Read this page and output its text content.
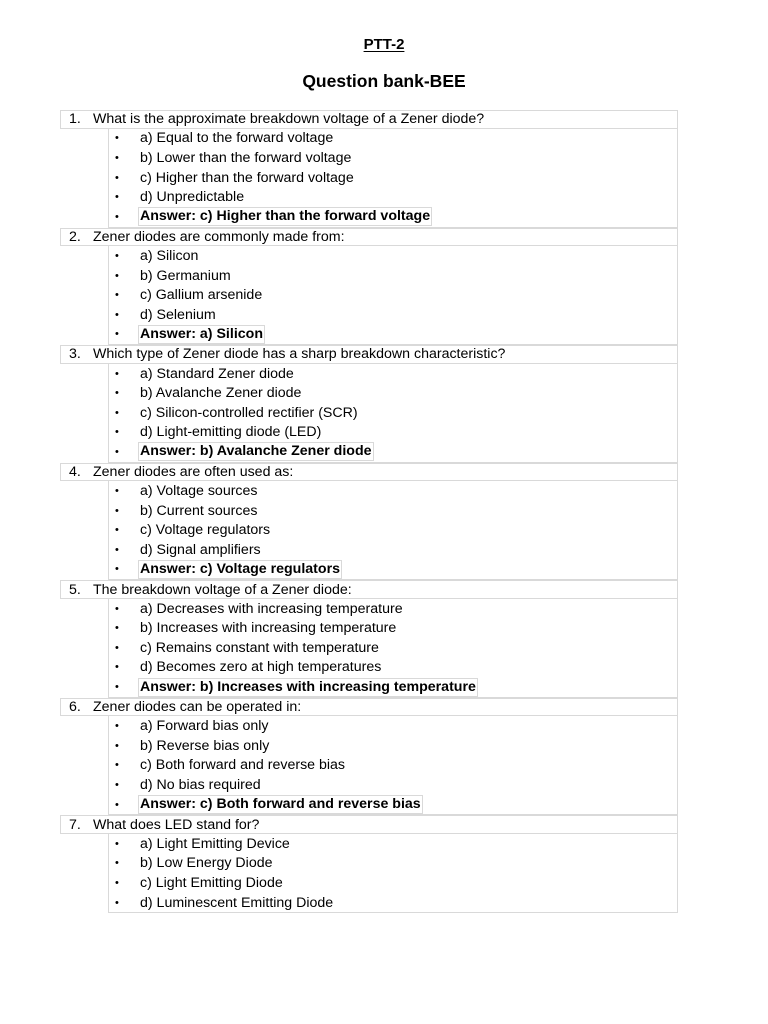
PTT-2
Question bank-BEE
1. What is the approximate breakdown voltage of a Zener diode?
•	a) Equal to the forward voltage
•	b) Lower than the forward voltage
•	c) Higher than the forward voltage
•	d) Unpredictable
•	Answer: c) Higher than the forward voltage
2. Zener diodes are commonly made from:
•	a) Silicon
•	b) Germanium
•	c) Gallium arsenide
•	d) Selenium
•	Answer: a) Silicon
3. Which type of Zener diode has a sharp breakdown characteristic?
•	a) Standard Zener diode
•	b) Avalanche Zener diode
•	c) Silicon-controlled rectifier (SCR)
•	d) Light-emitting diode (LED)
•	Answer: b) Avalanche Zener diode
4. Zener diodes are often used as:
•	a) Voltage sources
•	b) Current sources
•	c) Voltage regulators
•	d) Signal amplifiers
•	Answer: c) Voltage regulators
5. The breakdown voltage of a Zener diode:
•	a) Decreases with increasing temperature
•	b) Increases with increasing temperature
•	c) Remains constant with temperature
•	d) Becomes zero at high temperatures
•	Answer: b) Increases with increasing temperature
6. Zener diodes can be operated in:
•	a) Forward bias only
•	b) Reverse bias only
•	c) Both forward and reverse bias
•	d) No bias required
•	Answer: c) Both forward and reverse bias
7. What does LED stand for?
•	a) Light Emitting Device
•	b) Low Energy Diode
•	c) Light Emitting Diode
•	d) Luminescent Emitting Diode
